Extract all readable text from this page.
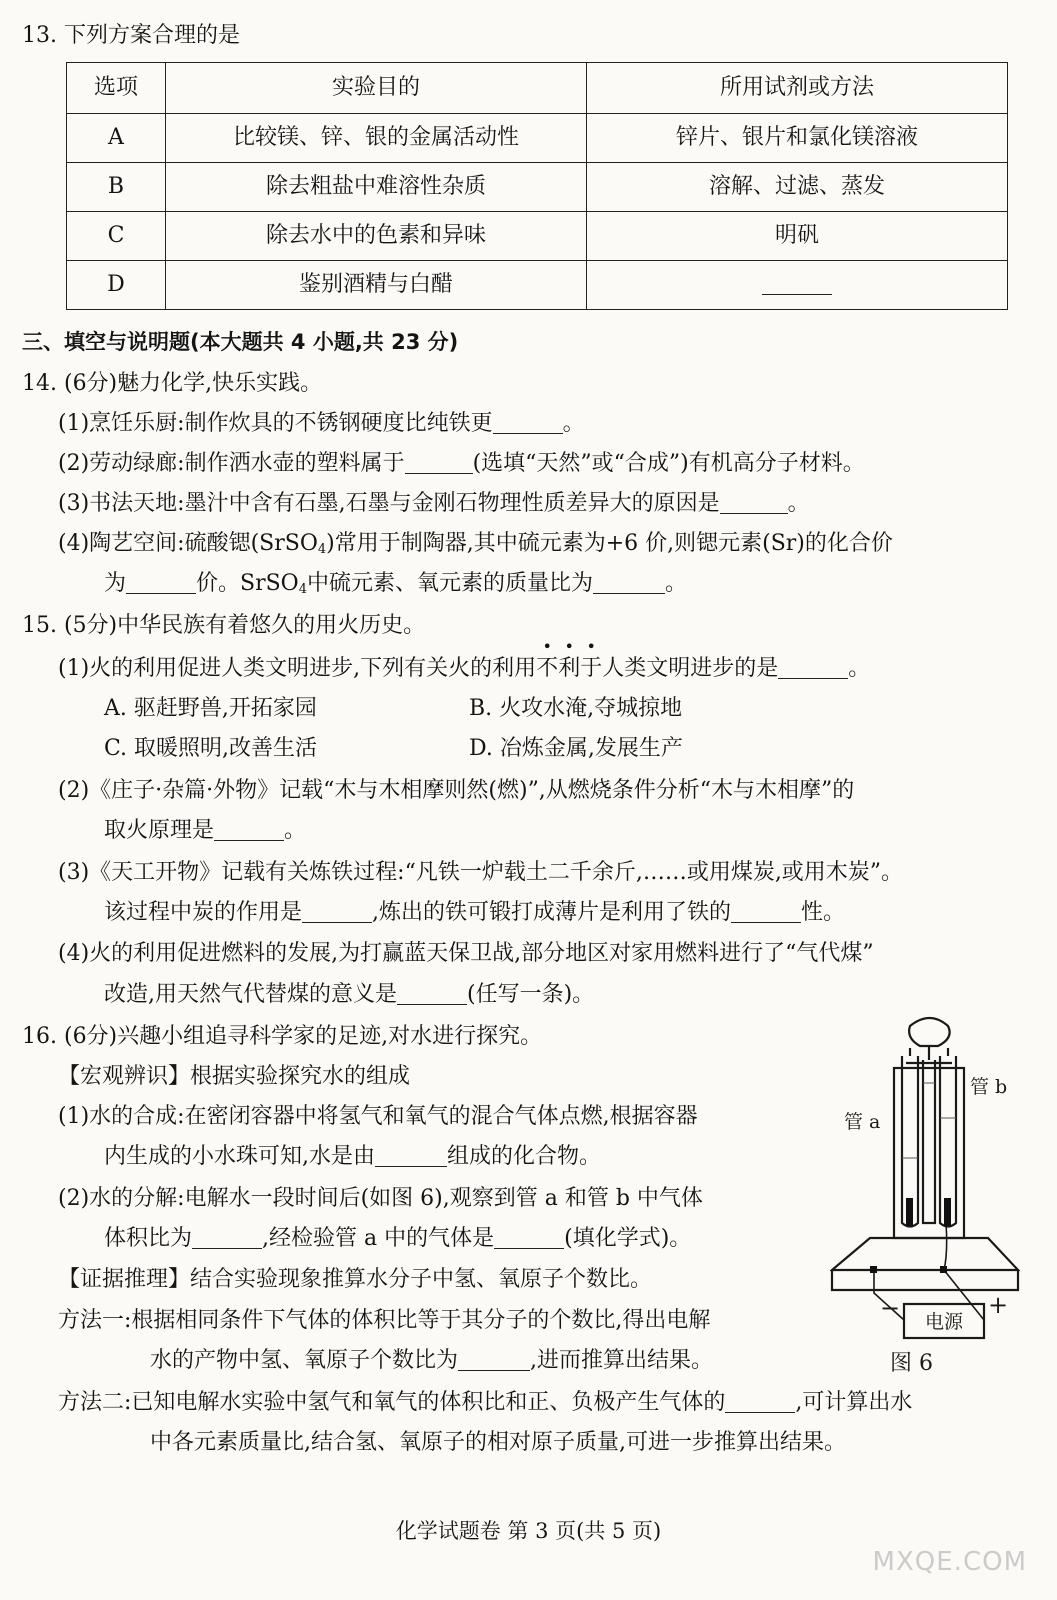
13. 下列方案合理的是
选项	实验目的	所用试剂或方法
A	比较镁、锌、银的金属活动性	锌片、银片和氯化镁溶液
B	除去粗盐中难溶性杂质	溶解、过滤、蒸发
C	除去水中的色素和异味	明矾
D	鉴别酒精与白醋	
三、填空与说明题(本大题共 4 小题,共 23 分)
14. (6分)魅力化学,快乐实践。
(1)烹饪乐厨:制作炊具的不锈钢硬度比纯铁更	。
(2)劳动绿廊:制作洒水壶的塑料属于	(选填“天然”或“合成”)有机高分子材料。
(3)书法天地:墨汁中含有石墨,石墨与金刚石物理性质差异大的原因是	。
(4)陶艺空间:硫酸锶(SrSO$_4$)常用于制陶器,其中硫元素为+6 价,则锶元素(Sr)的化合价
为	价。SrSO$_4$中硫元素、氧元素的质量比为	。
15. (5分)中华民族有着悠久的用火历史。
(1)火的利用促进人类文明进步,下列有关火的利用不利于人类文明进步的是	。
A. 驱赶野兽,开拓家园	B. 火攻水淹,夺城掠地
C. 取暖照明,改善生活	D. 冶炼金属,发展生产
(2)《庄子·杂篇·外物》记载“木与木相摩则然(燃)”,从燃烧条件分析“木与木相摩”的
取火原理是	。
(3)《天工开物》记载有关炼铁过程:“凡铁一炉载土二千余斤,……或用煤炭,或用木炭”。
该过程中炭的作用是	,炼出的铁可锻打成薄片是利用了铁的	性。
(4)火的利用促进燃料的发展,为打赢蓝天保卫战,部分地区对家用燃料进行了“气代煤”
改造,用天然气代替煤的意义是	(任写一条)。
16. (6分)兴趣小组追寻科学家的足迹,对水进行探究。
【宏观辨识】根据实验探究水的组成
(1)水的合成:在密闭容器中将氢气和氧气的混合气体点燃,根据容器
内生成的小水珠可知,水是由	组成的化合物。
(2)水的分解:电解水一段时间后(如图 6),观察到管 a 和管 b 中气体
体积比为	,经检验管 a 中的气体是	(填化学式)。
【证据推理】结合实验现象推算水分子中氢、氧原子个数比。
方法一:根据相同条件下气体的体积比等于其分子的个数比,得出电解
水的产物中氢、氧原子个数比为	,进而推算出结果。
方法二:已知电解水实验中氢气和氧气的体积比和正、负极产生气体的	,可计算出水
中各元素质量比,结合氢、氧原子的相对原子质量,可进一步推算出结果。
管 a
管 b
电源
−	+
图 6
化学试题卷 第 3 页(共 5 页)
MXQE.COM
